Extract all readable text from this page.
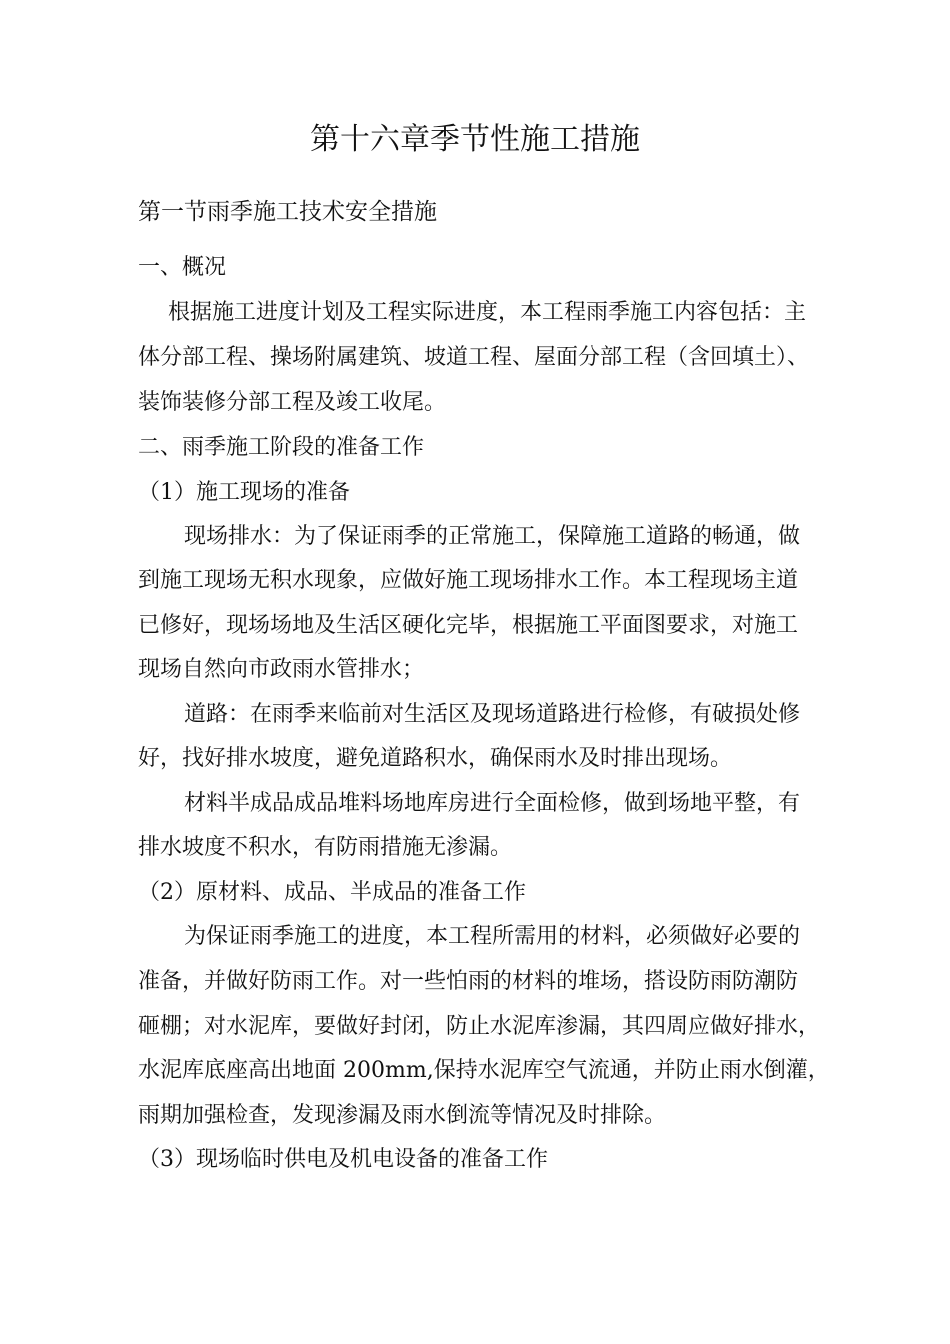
第十六章季节性施工措施
第一节雨季施工技术安全措施
一、概况
根据施工进度计划及工程实际进度，本工程雨季施工内容包括：主
体分部工程、操场附属建筑、坡道工程、屋面分部工程（含回填土）、
装饰装修分部工程及竣工收尾。
二、雨季施工阶段的准备工作
（1）施工现场的准备
现场排水：为了保证雨季的正常施工，保障施工道路的畅通，做
到施工现场无积水现象，应做好施工现场排水工作。本工程现场主道
已修好，现场场地及生活区硬化完毕，根据施工平面图要求，对施工
现场自然向市政雨水管排水；
道路：在雨季来临前对生活区及现场道路进行检修，有破损处修
好，找好排水坡度，避免道路积水，确保雨水及时排出现场。
材料半成品成品堆料场地库房进行全面检修，做到场地平整，有
排水坡度不积水，有防雨措施无渗漏。
（2）原材料、成品、半成品的准备工作
为保证雨季施工的进度，本工程所需用的材料，必须做好必要的
准备，并做好防雨工作。对一些怕雨的材料的堆场，搭设防雨防潮防
砸棚；对水泥库，要做好封闭，防止水泥库渗漏，其四周应做好排水，
水泥库底座高出地面 200mm,保持水泥库空气流通，并防止雨水倒灌，
雨期加强检查，发现渗漏及雨水倒流等情况及时排除。
（3）现场临时供电及机电设备的准备工作
